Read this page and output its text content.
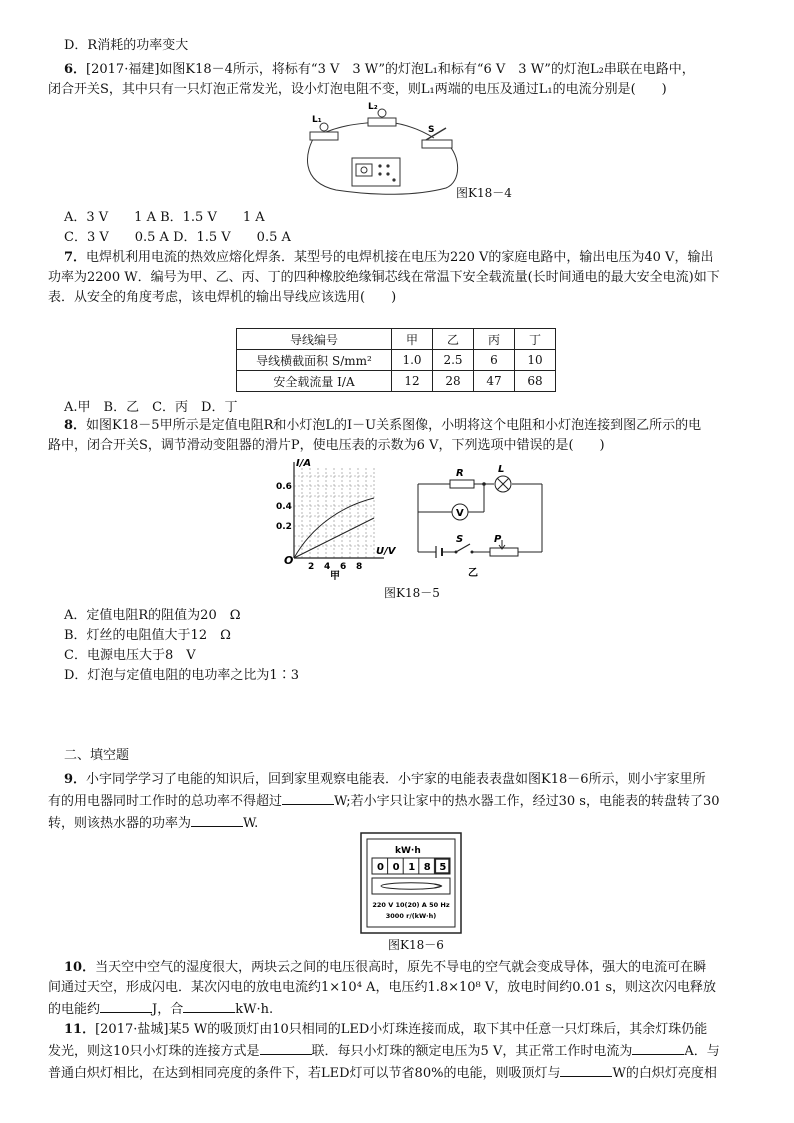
D．R消耗的功率变大
6．[2017·福建]如图K18－4所示，将标有“3 V　3 W”的灯泡L₁和标有“6 V　3 W”的灯泡L₂串联在电路中，
闭合开关S，其中只有一只灯泡正常发光，设小灯泡电阻不变，则L₁两端的电压及通过L₁的电流分别是(　　)
L₁
L₂
S
图K18－4
A．3 V　　1 A B．1.5 V　　1 A
C．3 V　　0.5 A D．1.5 V　　0.5 A
7．电焊机利用电流的热效应熔化焊条．某型号的电焊机接在电压为220 V的家庭电路中，输出电压为40 V，输出
功率为2200 W．编号为甲、乙、丙、丁的四种橡胶绝缘铜芯线在常温下安全载流量(长时间通电的最大安全电流)如下
表．从安全的角度考虑，该电焊机的输出导线应该选用(　　)
导线编号	甲	乙	丙	丁
导线横截面积 S/mm²	1.0	2.5	6	10
安全载流量 I/A	12	28	47	68
A.甲　B．乙　C．丙　D．丁
8．如图K18－5甲所示是定值电阻R和小灯泡L的I－U关系图像，小明将这个电阻和小灯泡连接到图乙所示的电
路中，闭合开关S，调节滑动变阻器的滑片P，使电压表的示数为6 V，下列选项中错误的是(　　)
I/A
U/V
O
0.6
0.4
0.2
2 4 6 8
甲
V
R	L
S	P
乙
图K18－5
A．定值电阻R的阻值为20　Ω
B．灯丝的电阻值大于12　Ω
C．电源电压大于8　V
D．灯泡与定值电阻的电功率之比为1∶3
二、填空题
9．小宇同学学习了电能的知识后，回到家里观察电能表．小宇家的电能表表盘如图K18－6所示，则小宇家里所
有的用电器同时工作时的总功率不得超过	W;若小宇只让家中的热水器工作，经过30 s，电能表的转盘转了30
转，则该热水器的功率为	W.
kW·h
0 0 1 8 5
220 V 10(20) A 50 Hz
3000 r/(kW·h)
图K18－6
10．当天空中空气的湿度很大，两块云之间的电压很高时，原先不导电的空气就会变成导体，强大的电流可在瞬
间通过天空，形成闪电．某次闪电的放电电流约1×10⁴ A，电压约1.8×10⁸ V，放电时间约0.01 s，则这次闪电释放
的电能约	J，合	kW·h.
11．[2017·盐城]某5 W的吸顶灯由10只相同的LED小灯珠连接而成，取下其中任意一只灯珠后，其余灯珠仍能
发光，则这10只小灯珠的连接方式是	联．每只小灯珠的额定电压为5 V，其正常工作时电流为	A．与
普通白炽灯相比，在达到相同亮度的条件下，若LED灯可以节省80%的电能，则吸顶灯与	W的白炽灯亮度相
